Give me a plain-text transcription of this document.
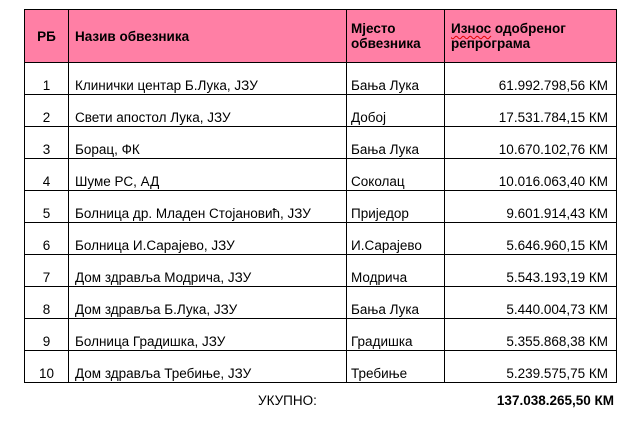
РБ	Назив обвезника	Мјесто обвезника	Износ одобреног репрограма
1	Клинички центар Б.Лука, ЈЗУ	Бања Лука	61.992.798,56 КМ
2	Свети апостол Лука, ЈЗУ	Добој	17.531.784,15 КМ
3	Борац, ФК	Бања Лука	10.670.102,76 КМ
4	Шуме РС, АД	Соколац	10.016.063,40 КМ
5	Болница др. Младен Стојановић, ЈЗУ	Приједор	9.601.914,43 КМ
6	Болница И.Сарајево, ЈЗУ	И.Сарајево	5.646.960,15 КМ
7	Дом здравља Модрича, ЈЗУ	Модрича	5.543.193,19 КМ
8	Дом здравља Б.Лука, ЈЗУ	Бања Лука	5.440.004,73 КМ
9	Болница Градишка, ЈЗУ	Градишка	5.355.868,38 КМ
10	Дом здравља Требиње, ЈЗУ	Требиње	5.239.575,75 КМ
УКУПНО:	137.038.265,50 КМ
